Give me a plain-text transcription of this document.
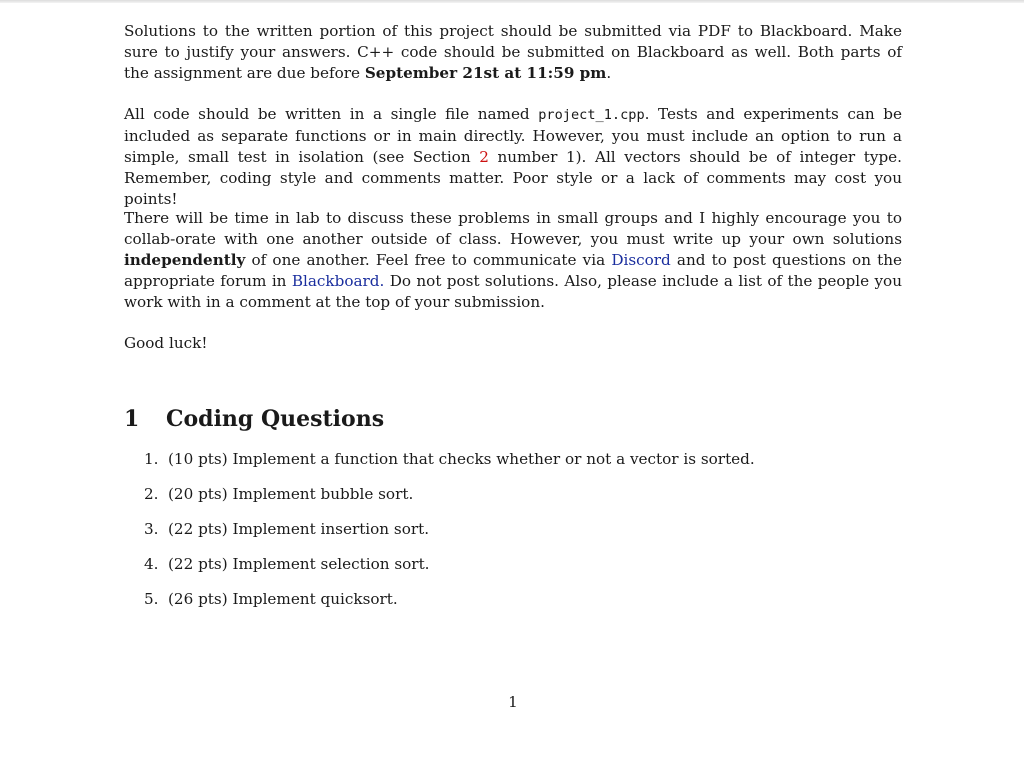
Solutions to the written portion of this project should be submitted via PDF to Blackboard. Make sure to justify your answers. C++ code should be submitted on Blackboard as well. Both parts of the assignment are due before September 21st at 11:59 pm.

All code should be written in a single file named project_1.cpp. Tests and experiments can be included as separate functions or in main directly. However, you must include an option to run a simple, small test in isolation (see Section 2 number 1). All vectors should be of integer type. Remember, coding style and comments matter. Poor style or a lack of comments may cost you points!

There will be time in lab to discuss these problems in small groups and I highly encourage you to collab-orate with one another outside of class. However, you must write up your own solutions independently of one another. Feel free to communicate via Discord and to post questions on the appropriate forum in Blackboard. Do not post solutions. Also, please include a list of the people you work with in a comment at the top of your submission.

Good luck!

1 Coding Questions
1. (10 pts) Implement a function that checks whether or not a vector is sorted.
2. (20 pts) Implement bubble sort.
3. (22 pts) Implement insertion sort.
4. (22 pts) Implement selection sort.
5. (26 pts) Implement quicksort.
1
